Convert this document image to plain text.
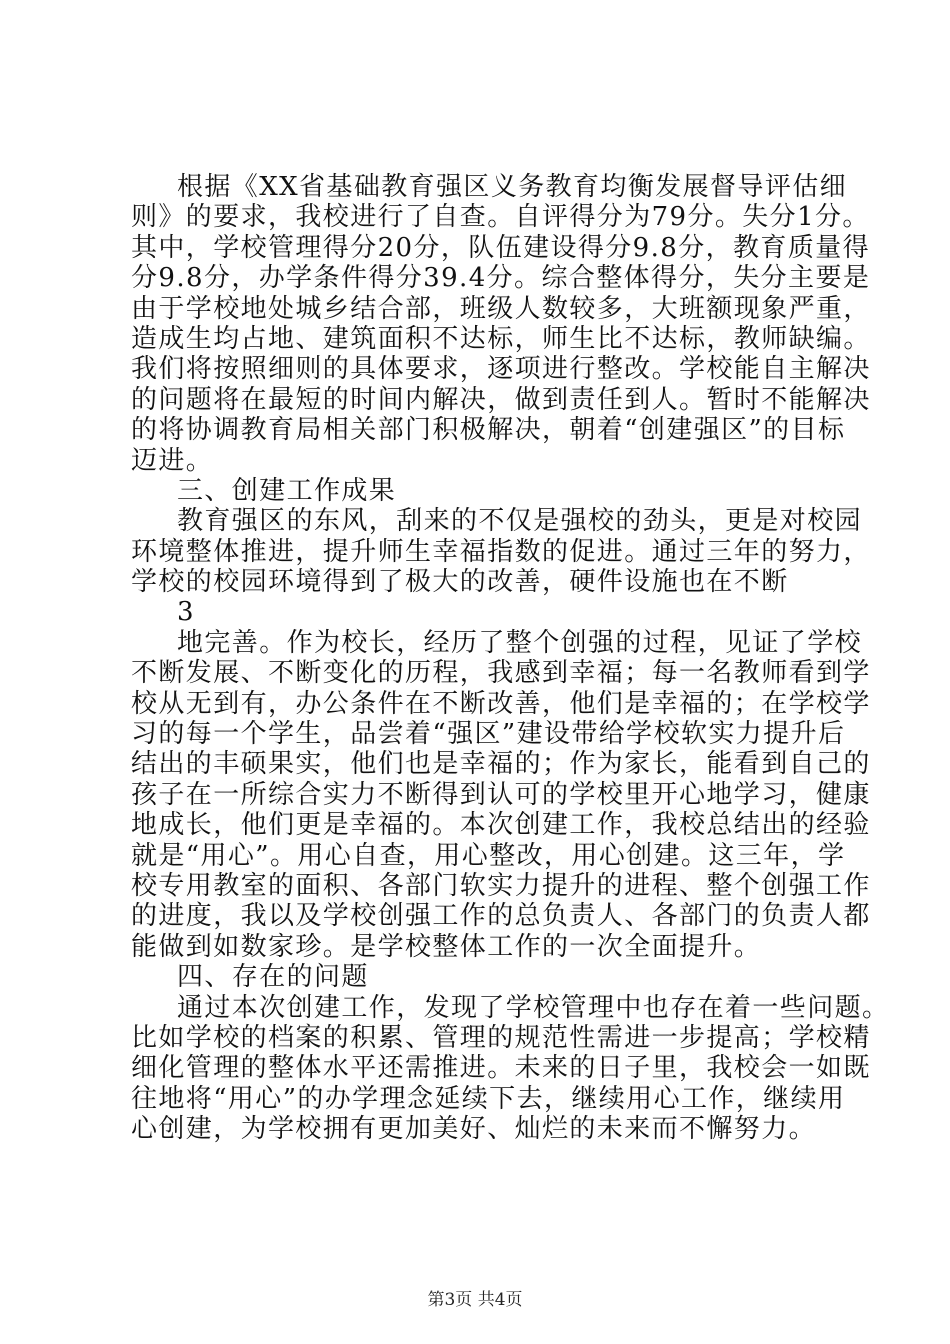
根据《XX省基础教育强区义务教育均衡发展督导评估细
则》的要求，我校进行了自查。自评得分为79分。失分1分。
其中，学校管理得分20分，队伍建设得分9.8分，教育质量得
分9.8分，办学条件得分39.4分。综合整体得分，失分主要是
由于学校地处城乡结合部，班级人数较多，大班额现象严重，
造成生均占地、建筑面积不达标，师生比不达标，教师缺编。
我们将按照细则的具体要求，逐项进行整改。学校能自主解决
的问题将在最短的时间内解决，做到责任到人。暂时不能解决
的将协调教育局相关部门积极解决，朝着“创建强区”的目标
迈进。
三、创建工作成果
教育强区的东风，刮来的不仅是强校的劲头，更是对校园
环境整体推进，提升师生幸福指数的促进。通过三年的努力，
学校的校园环境得到了极大的改善，硬件设施也在不断
3
地完善。作为校长，经历了整个创强的过程，见证了学校
不断发展、不断变化的历程，我感到幸福；每一名教师看到学
校从无到有，办公条件在不断改善，他们是幸福的；在学校学
习的每一个学生，品尝着“强区”建设带给学校软实力提升后
结出的丰硕果实，他们也是幸福的；作为家长，能看到自己的
孩子在一所综合实力不断得到认可的学校里开心地学习，健康
地成长，他们更是幸福的。本次创建工作，我校总结出的经验
就是“用心”。用心自查，用心整改，用心创建。这三年，学
校专用教室的面积、各部门软实力提升的进程、整个创强工作
的进度，我以及学校创强工作的总负责人、各部门的负责人都
能做到如数家珍。是学校整体工作的一次全面提升。
四、存在的问题
通过本次创建工作，发现了学校管理中也存在着一些问题。
比如学校的档案的积累、管理的规范性需进一步提高；学校精
细化管理的整体水平还需推进。未来的日子里，我校会一如既
往地将“用心”的办学理念延续下去，继续用心工作，继续用
心创建，为学校拥有更加美好、灿烂的未来而不懈努力。
第3页 共4页
